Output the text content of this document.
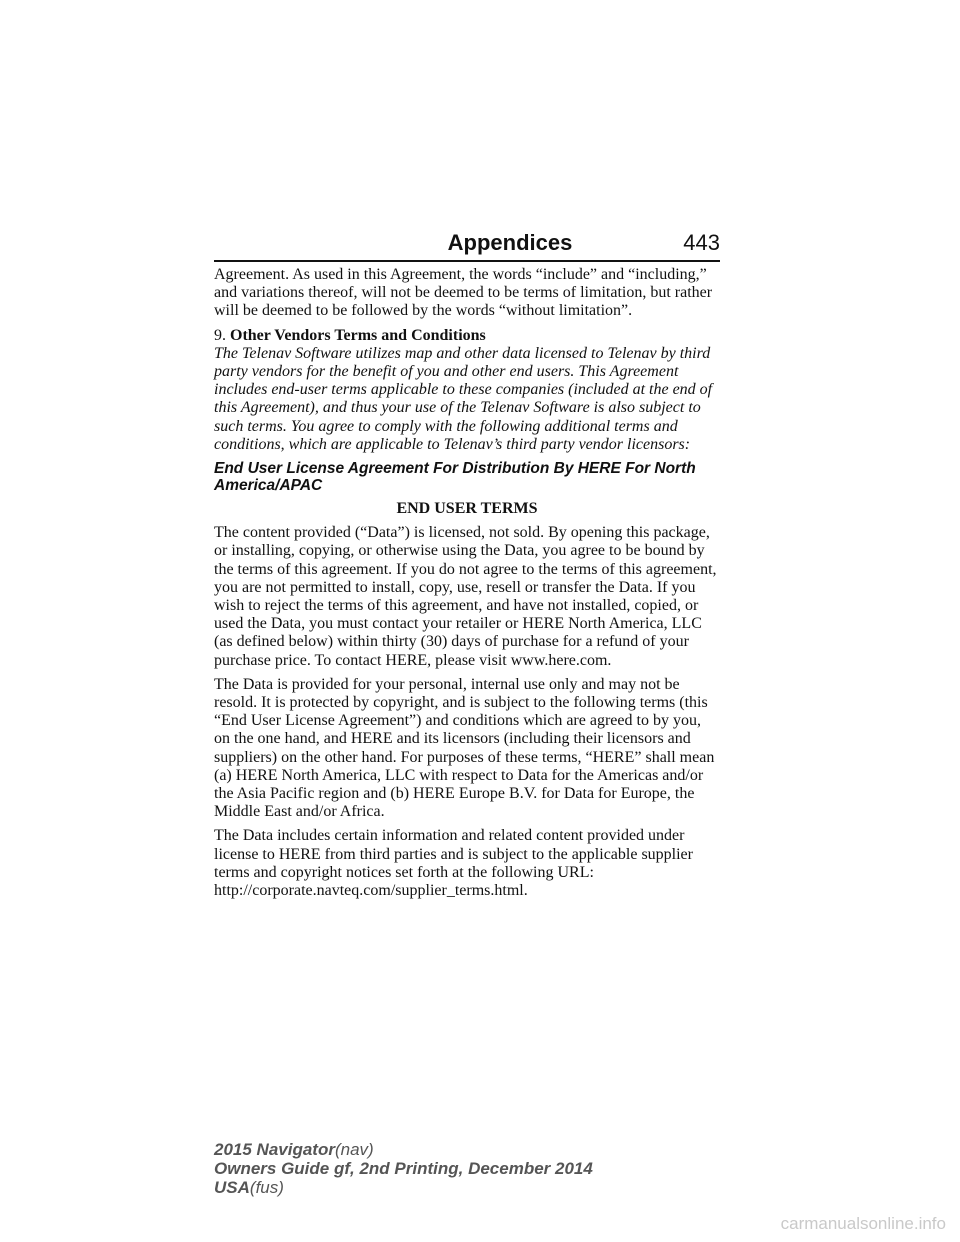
Appendices	443

Agreement. As used in this Agreement, the words “include” and “including,” and variations thereof, will not be deemed to be terms of limitation, but rather will be deemed to be followed by the words “without limitation”.

9. Other Vendors Terms and Conditions

The Telenav Software utilizes map and other data licensed to Telenav by third party vendors for the benefit of you and other end users. This Agreement includes end-user terms applicable to these companies (included at the end of this Agreement), and thus your use of the Telenav Software is also subject to such terms. You agree to comply with the following additional terms and conditions, which are applicable to Telenav’s third party vendor licensors:

End User License Agreement For Distribution By HERE For North America/APAC

END USER TERMS

The content provided (“Data”) is licensed, not sold. By opening this package, or installing, copying, or otherwise using the Data, you agree to be bound by the terms of this agreement. If you do not agree to the terms of this agreement, you are not permitted to install, copy, use, resell or transfer the Data. If you wish to reject the terms of this agreement, and have not installed, copied, or used the Data, you must contact your retailer or HERE North America, LLC (as defined below) within thirty (30) days of purchase for a refund of your purchase price. To contact HERE, please visit www.here.com.

The Data is provided for your personal, internal use only and may not be resold. It is protected by copyright, and is subject to the following terms (this “End User License Agreement”) and conditions which are agreed to by you, on the one hand, and HERE and its licensors (including their licensors and suppliers) on the other hand. For purposes of these terms, “HERE” shall mean (a) HERE North America, LLC with respect to Data for the Americas and/or the Asia Pacific region and (b) HERE Europe B.V. for Data for Europe, the Middle East and/or Africa.

The Data includes certain information and related content provided under license to HERE from third parties and is subject to the applicable supplier terms and copyright notices set forth at the following URL: http://corporate.navteq.com/supplier_terms.html.

2015 Navigator(nav)
Owners Guide gf, 2nd Printing, December 2014
USA(fus)
carmanualsonline.info
